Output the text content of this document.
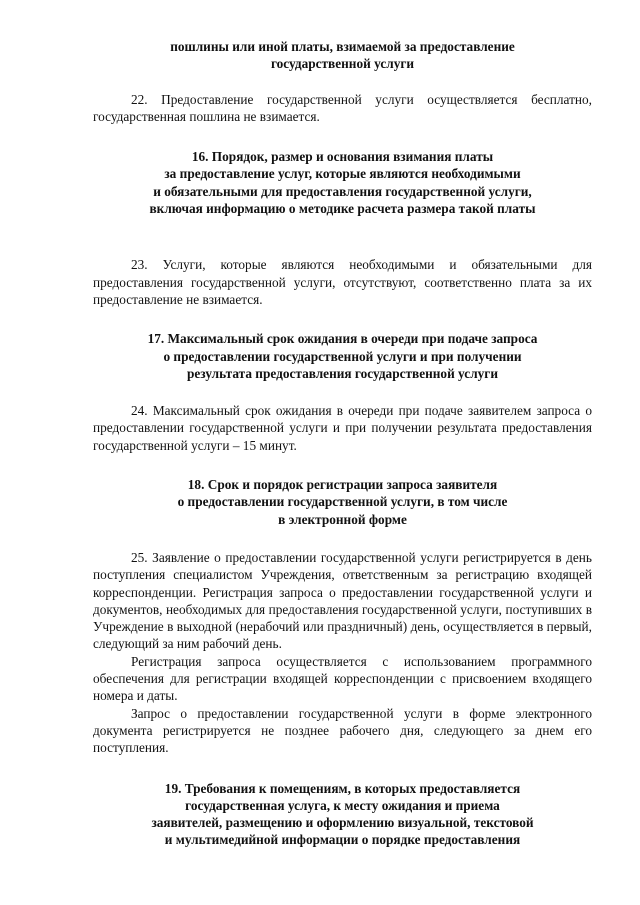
пошлины или иной платы, взимаемой за предоставление
государственной услуги

22. Предоставление государственной услуги осуществляется бесплатно, государственная пошлина не взимается.

16. Порядок, размер и основания взимания платы
за предоставление услуг, которые являются необходимыми
и обязательными для предоставления государственной услуги,
включая информацию о методике расчета размера такой платы

23. Услуги, которые являются необходимыми и обязательными для предоставления государственной услуги, отсутствуют, соответственно плата за их предоставление не взимается.

17. Максимальный срок ожидания в очереди при подаче запроса
о предоставлении государственной услуги и при получении
результата предоставления государственной услуги

24. Максимальный срок ожидания в очереди при подаче заявителем запроса о предоставлении государственной услуги и при получении результата предоставления государственной услуги – 15 минут.

18. Срок и порядок регистрации запроса заявителя
о предоставлении государственной услуги, в том числе
в электронной форме

25. Заявление о предоставлении государственной услуги регистрируется в день поступления специалистом Учреждения, ответственным за регистрацию входящей корреспонденции. Регистрация запроса о предоставлении государственной услуги и документов, необходимых для предоставления государственной услуги, поступивших в Учреждение в выходной (нерабочий или праздничный) день, осуществляется в первый, следующий за ним рабочий день.

Регистрация запроса осуществляется с использованием программного обеспечения для регистрации входящей корреспонденции с присвоением входящего номера и даты.

Запрос о предоставлении государственной услуги в форме электронного документа регистрируется не позднее рабочего дня, следующего за днем его поступления.

19. Требования к помещениям, в которых предоставляется
государственная услуга, к месту ожидания и приема
заявителей, размещению и оформлению визуальной, текстовой
и мультимедийной информации о порядке предоставления
